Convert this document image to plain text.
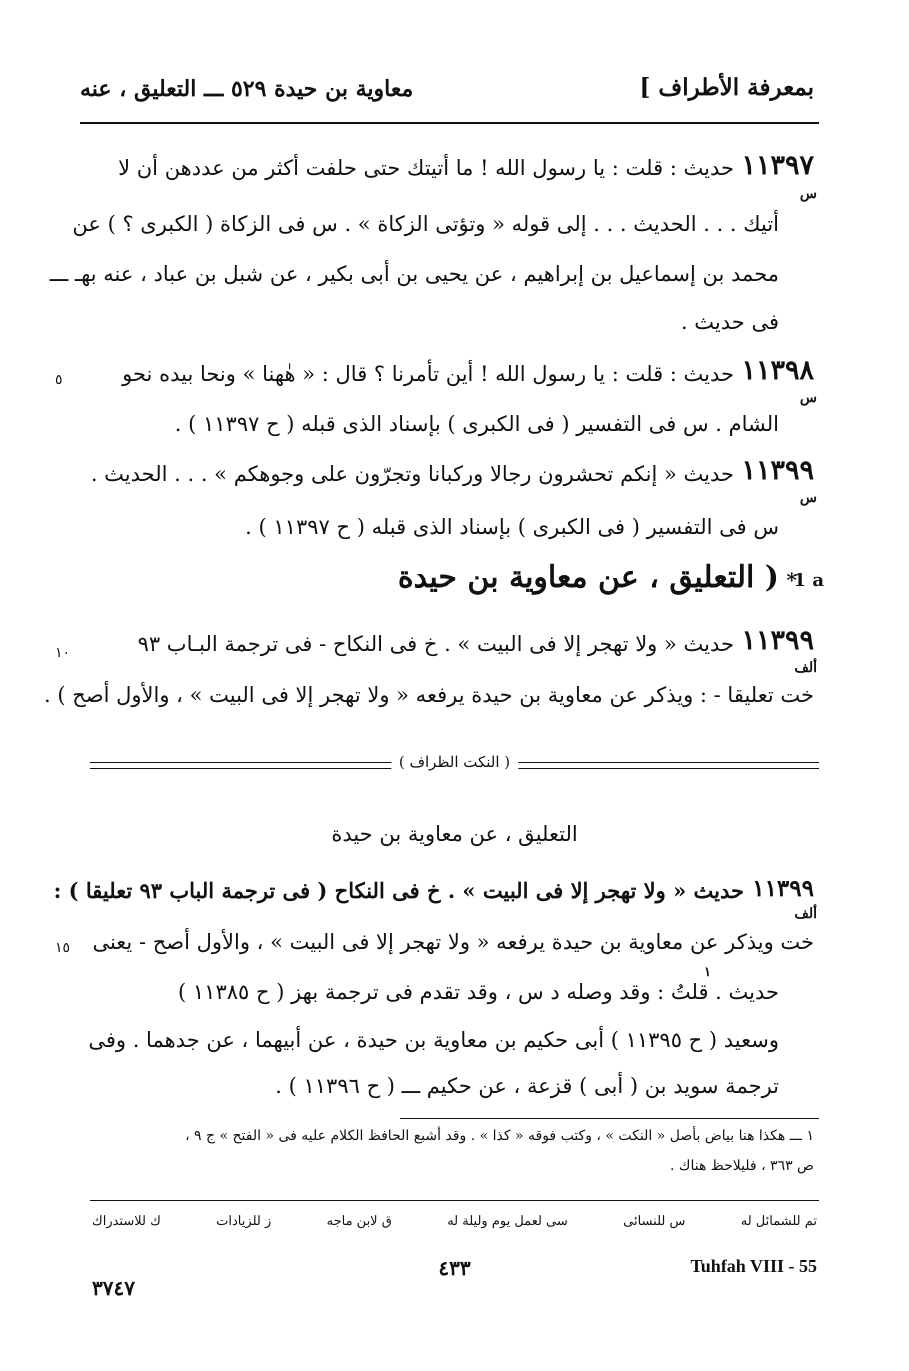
بمعرفة الأطراف ]
معاوية بن حيدة ٥٢٩ ـــ التعليق ، عنه
١١٣٩٧
س
حديث : قلت : يا رسول الله ! ما أتيتك حتى حلفت أكثر من عددهن أن لا
أتيك . . . الحديث . . . إلى قوله « وتؤتى الزكاة » . س فى الزكاة ( الكبرى ؟ ) عن
محمد بن إسماعيل بن إبراهيم ، عن يحيى بن أبى بكير ، عن شبل بن عباد ، عنه بهـ ـــ
فى حديث .
١١٣٩٨
س
٥	حديث : قلت : يا رسول الله ! أين تأمرنا ؟ قال : « هٰهنا » ونحا بيده نحو
الشام . س فى التفسير ( فى الكبرى ) بإسناد الذى قبله ( ح ١١٣٩٧ ) .
١١٣٩٩
س
حديث « إنكم تحشرون رجالا وركبانا وتجرّون على وجوهكم » . . . الحديث .
س فى التفسير ( فى الكبرى ) بإسناد الذى قبله ( ح ١١٣٩٧ ) .
1 a
*
( التعليق ، عن معاوية بن حيدة
١١٣٩٩
ألف
١٠	حديث « ولا تهجر إلا فى البيت » . خ فى النكاح - فى ترجمة البـاب ٩٣
خت تعليقا - : ويذكر عن معاوية بن حيدة يرفعه « ولا تهجر إلا فى البيت » ، والأول أصح ) .
( النكت الظراف )
التعليق ، عن معاوية بن حيدة
١١٣٩٩
ألف
١٥
١
حديث « ولا تهجر إلا فى البيت » . خ فى النكاح ( فى ترجمة الباب ٩٣ تعليقا ) :
خت ويذكر عن معاوية بن حيدة يرفعه « ولا تهجر إلا فى البيت » ، والأول أصح - يعنى
حديث . قلتُ : وقد وصله د س ، وقد تقدم فى ترجمة بهز ( ح ١١٣٨٥ )
وسعيد ( ح ١١٣٩٥ ) أبى حكيم بن معاوية بن حيدة ، عن أبيهما ، عن جدهما . وفى
ترجمة سويد بن ( أبى ) قزعة ، عن حكيم ـــ ( ح ١١٣٩٦ ) .
١ ـــ هكذا هنا بياض بأصل « النكت » ، وكتب فوقه « كذا » . وقد أشبع الحافظ الكلام عليه فى « الفتح » ج ٩ ،
ص ٣٦٣ ، فليلاحظ هناك .
تم للشمائل له
س للنسائى
سى لعمل يوم وليلة له
ق لابن ماجه
ز للزيادات
ك للاستدراك
٣٧٤٧
٤٣٣	Tuhfah VIII - 55
